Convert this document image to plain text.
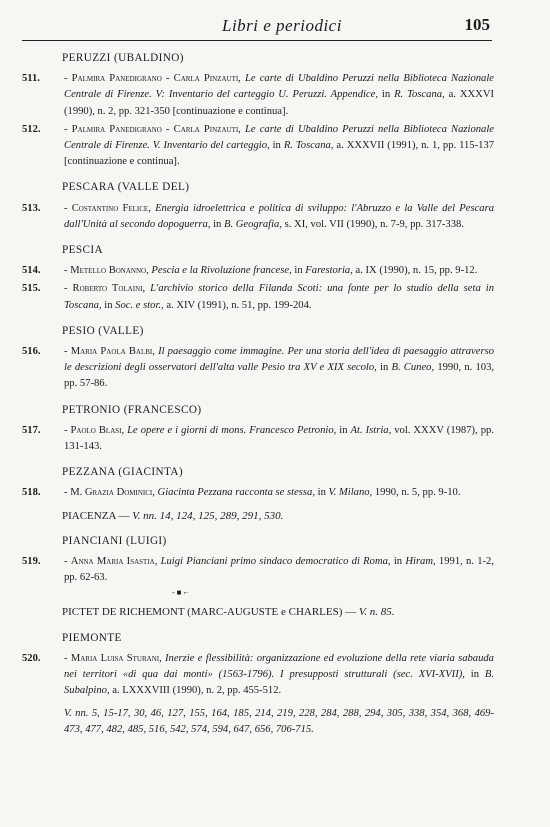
Libri e periodici	105
PERUZZI (UBALDINO)
511. - Palmira Panedigrano - Carla Pinzauti, Le carte di Ubaldino Peruzzi nella Biblioteca Nazionale Centrale di Firenze. V: Inventario del carteggio U. Peruzzi. Appendice, in R. Toscana, a. XXXVI (1990), n. 2, pp. 321-350 [continuazione e continua].
512. - Palmira Panedigrano - Carla Pinzauti, Le carte di Ubaldino Peruzzi nella Biblioteca Nazionale Centrale di Firenze. V. Inventario del carteggio, in R. Toscana, a. XXXVII (1991), n. 1, pp. 115-137 [continuazione e continua].
PESCARA (VALLE DEL)
513. - Costantino Felice, Energia idroelettrica e politica di sviluppo: l'Abruzzo e la Valle del Pescara dall'Unità al secondo dopoguerra, in B. Geografia, s. XI, vol. VII (1990), n. 7-9, pp. 317-338.
PESCIA
514. - Metello Bonanno, Pescia e la Rivoluzione francese, in Farestoria, a. IX (1990), n. 15, pp. 9-12.
515. - Roberto Tolaini, L'archivio storico della Filanda Scoti: una fonte per lo studio della seta in Toscana, in Soc. e stor., a. XIV (1991), n. 51, pp. 199-204.
PESIO (VALLE)
516. - Maria Paola Balbi, Il paesaggio come immagine. Per una storia dell'idea di paesaggio attraverso le descrizioni degli osservatori dell'alta valle Pesio tra XV e XIX secolo, in B. Cuneo, 1990, n. 103, pp. 57-86.
PETRONIO (FRANCESCO)
517. - Paolo Blasi, Le opere e i giorni di mons. Francesco Petronio, in At. Istria, vol. XXXV (1987), pp. 131-143.
PEZZANA (GIACINTA)
518. - M. Grazia Dominici, Giacinta Pezzana racconta se stessa, in V. Milano, 1990, n. 5, pp. 9-10.
PIACENZA — V. nn. 14, 124, 125, 289, 291, 530.
PIANCIANI (LUIGI)
519. - Anna Maria Isastia, Luigi Pianciani primo sindaco democratico di Roma, in Hiram, 1991, n. 1-2, pp. 62-63.
- ■ ⌐
PICTET DE RICHEMONT (MARC-AUGUSTE e CHARLES) — V. n. 85.
PIEMONTE
520. - Maria Luisa Sturani, Inerzie e flessibilità: organizzazione ed evoluzione della rete viaria sabauda nei territori «di qua dai monti» (1563-1796). I presupposti strutturali (sec. XVI-XVII), in B. Subalpino, a. LXXXVIII (1990), n. 2, pp. 455-512.
V. nn. 5, 15-17, 30, 46, 127, 155, 164, 185, 214, 219, 228, 284, 288, 294, 305, 338, 354, 368, 469-473, 477, 482, 485, 516, 542, 574, 594, 647, 656, 706-715.
